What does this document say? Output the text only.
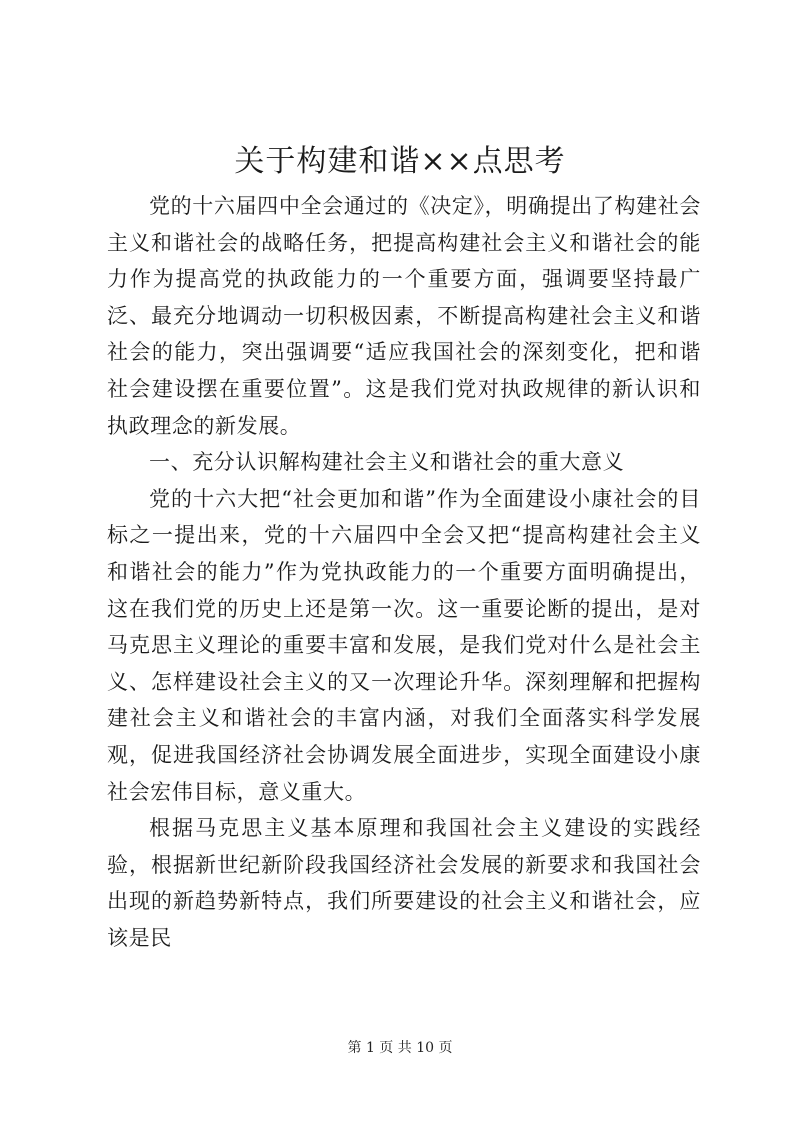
关于构建和谐××点思考

党的十六届四中全会通过的《决定》，明确提出了构建社会主义和谐社会的战略任务，把提高构建社会主义和谐社会的能力作为提高党的执政能力的一个重要方面，强调要坚持最广泛、最充分地调动一切积极因素，不断提高构建社会主义和谐社会的能力，突出强调要“适应我国社会的深刻变化，把和谐社会建设摆在重要位置”。这是我们党对执政规律的新认识和执政理念的新发展。

一、充分认识解构建社会主义和谐社会的重大意义

党的十六大把“社会更加和谐”作为全面建设小康社会的目标之一提出来，党的十六届四中全会又把“提高构建社会主义和谐社会的能力”作为党执政能力的一个重要方面明确提出，这在我们党的历史上还是第一次。这一重要论断的提出，是对马克思主义理论的重要丰富和发展，是我们党对什么是社会主义、怎样建设社会主义的又一次理论升华。深刻理解和把握构建社会主义和谐社会的丰富内涵，对我们全面落实科学发展观，促进我国经济社会协调发展全面进步，实现全面建设小康社会宏伟目标，意义重大。

根据马克思主义基本原理和我国社会主义建设的实践经验，根据新世纪新阶段我国经济社会发展的新要求和我国社会出现的新趋势新特点，我们所要建设的社会主义和谐社会，应该是民

第 1 页 共 10 页
